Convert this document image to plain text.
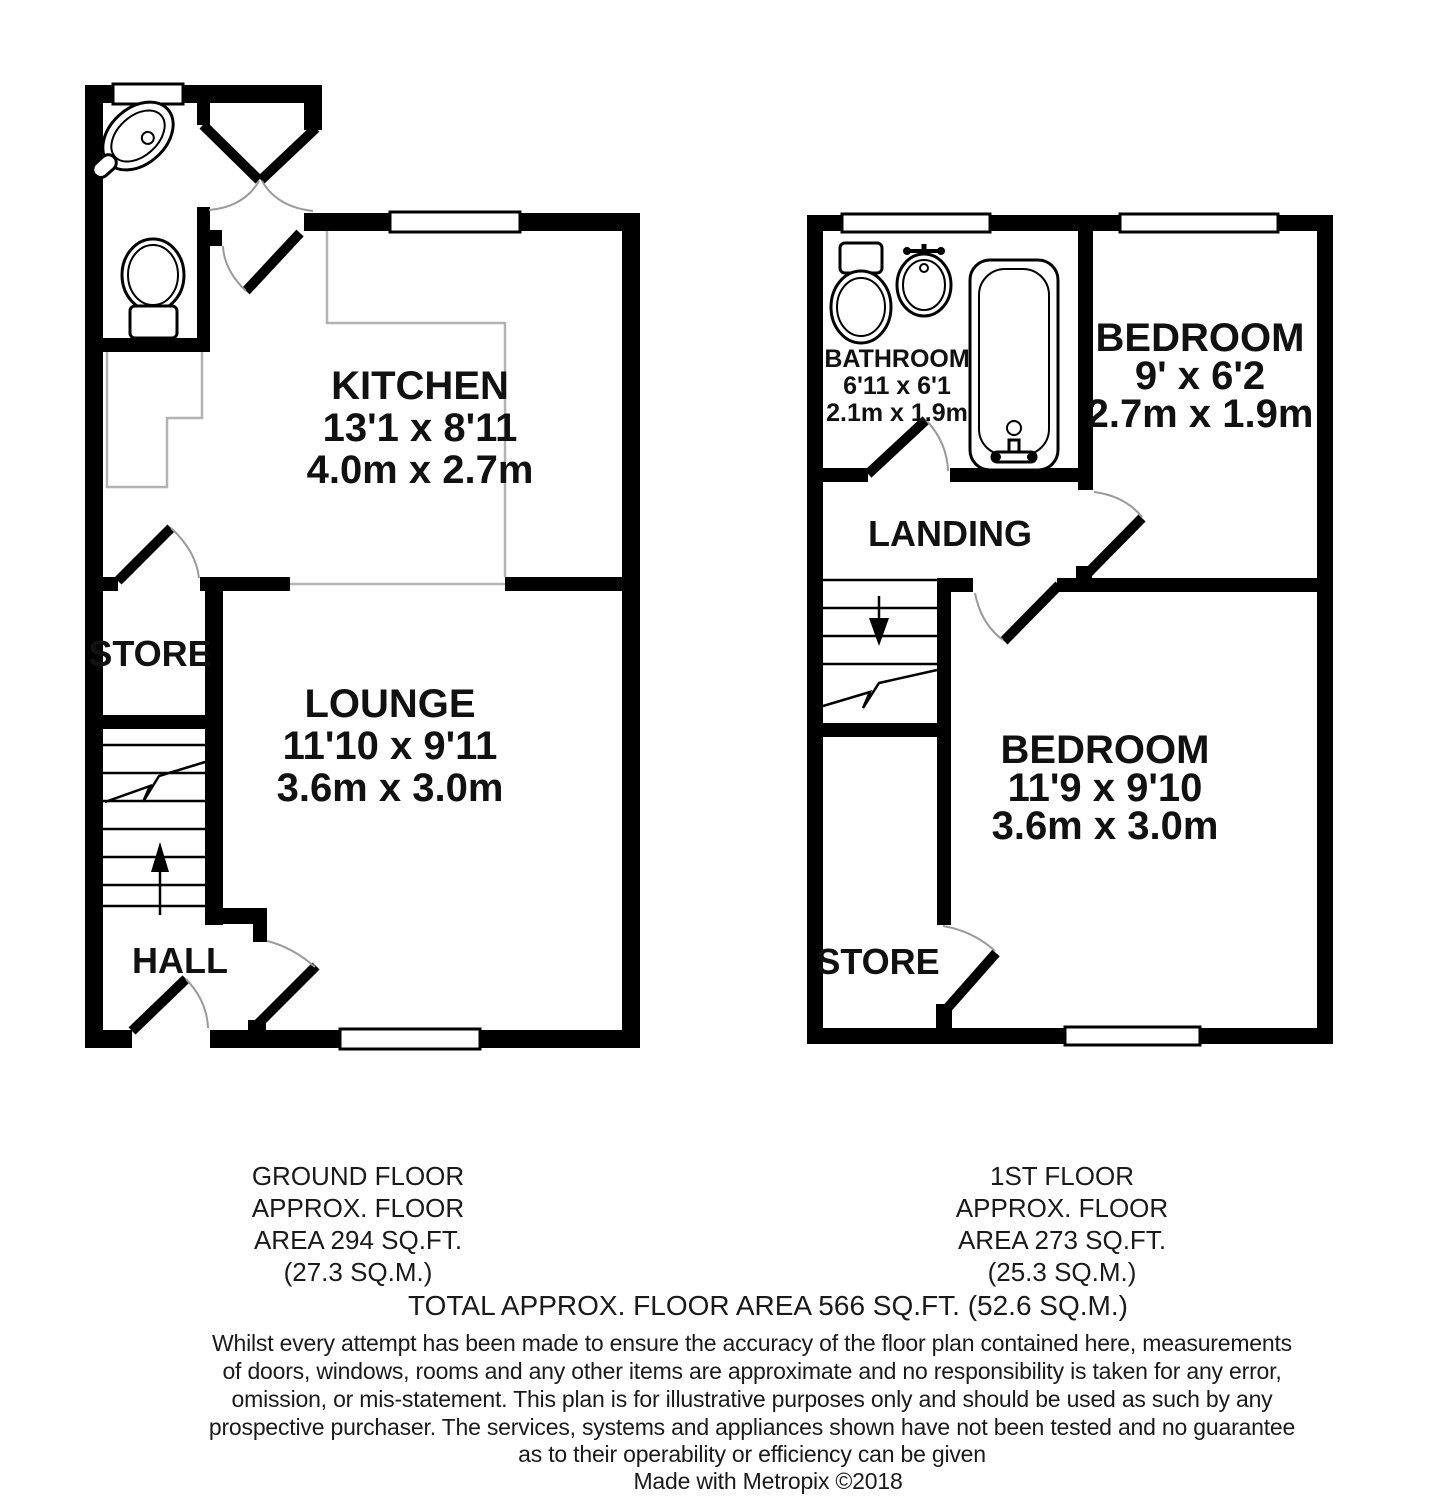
KITCHEN
13'1 x 8'11
4.0m x 2.7m
LOUNGE
11'10 x 9'11
3.6m x 3.0m
STORE
HALL
BATHROOM
6'11 x 6'1
2.1m x 1.9m
BEDROOM
9' x 6'2
2.7m x 1.9m
LANDING
BEDROOM
11'9 x 9'10
3.6m x 3.0m
STORE
GROUND FLOOR
APPROX. FLOOR
AREA 294 SQ.FT.
(27.3 SQ.M.)
1ST FLOOR
APPROX. FLOOR
AREA 273 SQ.FT.
(25.3 SQ.M.)
TOTAL APPROX. FLOOR AREA 566 SQ.FT. (52.6 SQ.M.)
Whilst every attempt has been made to ensure the accuracy of the floor plan contained here, measurements
of doors, windows, rooms and any other items are approximate and no responsibility is taken for any error,
omission, or mis-statement. This plan is for illustrative purposes only and should be used as such by any
prospective purchaser. The services, systems and appliances shown have not been tested and no guarantee
as to their operability or efficiency can be given
Made with Metropix ©2018
